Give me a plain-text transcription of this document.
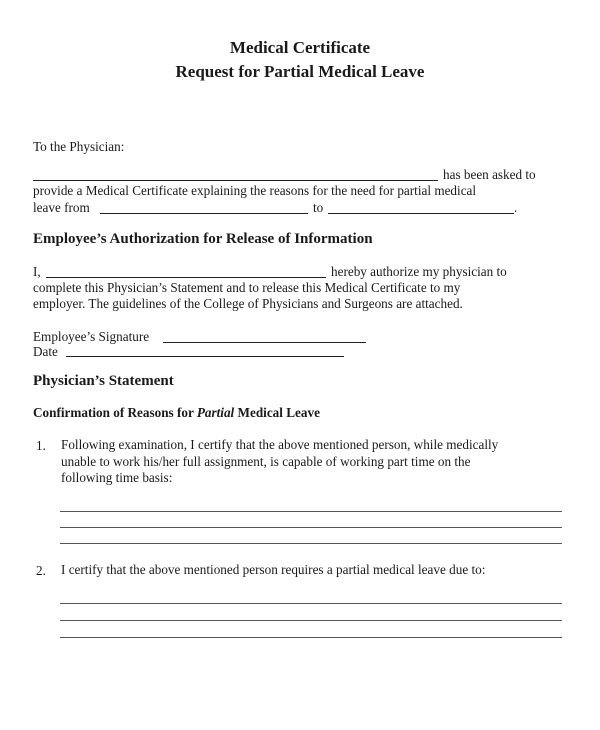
Medical Certificate
Request for Partial Medical Leave
To the Physician:
has been asked to
provide a Medical Certificate explaining the reasons for the need for partial medical
leave from	to	.
Employee’s Authorization for Release of Information
I,	hereby authorize my physician to
complete this Physician’s Statement and to release this Medical Certificate to my
employer. The guidelines of the College of Physicians and Surgeons are attached.
Employee’s Signature
Date
Physician’s Statement
Confirmation of Reasons for Partial Medical Leave
1. Following examination, I certify that the above mentioned person, while medically
unable to work his/her full assignment, is capable of working part time on the
following time basis:
2. I certify that the above mentioned person requires a partial medical leave due to:
